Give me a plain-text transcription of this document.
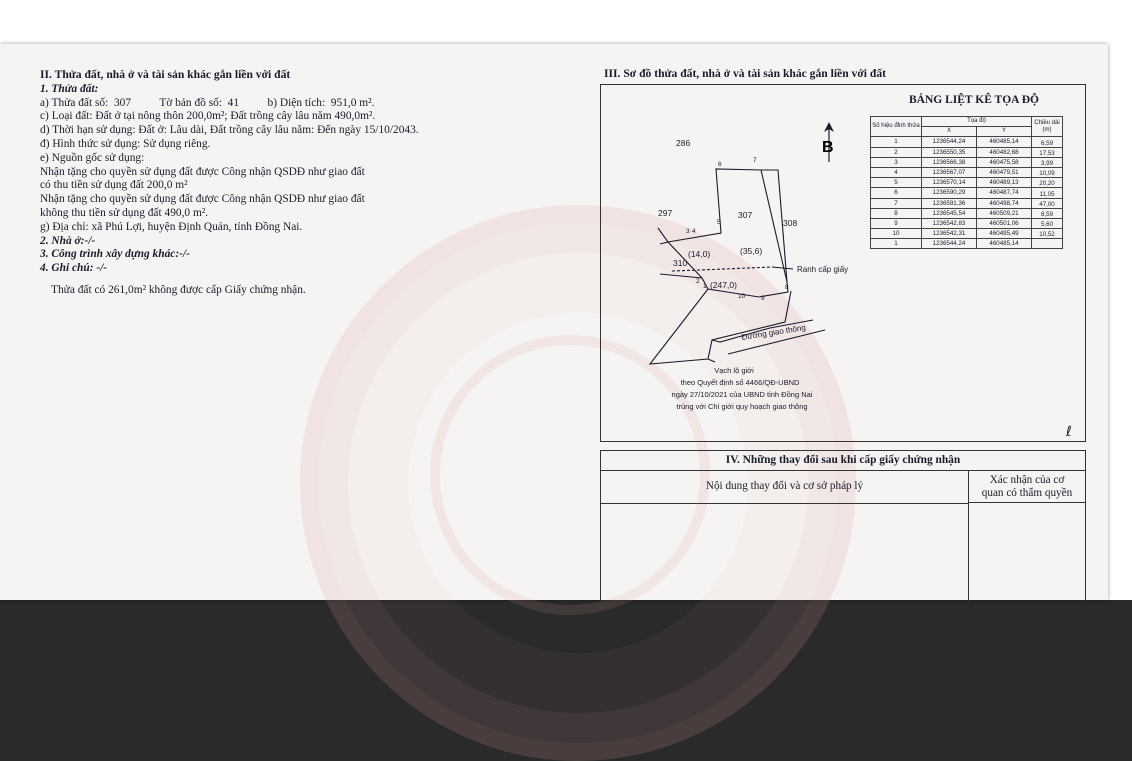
II. Thửa đất, nhà ở và tài sản khác gắn liền với đất
1. Thửa đất:
a) Thửa đất số:  307          Tờ bản đồ số:  41          b) Diện tích:  951,0 m².
c) Loại đất: Đất ở tại nông thôn 200,0m²; Đất trồng cây lâu năm 490,0m².
d) Thời hạn sử dụng: Đất ở: Lâu dài, Đất trồng cây lâu năm: Đến ngày 15/10/2043.
đ) Hình thức sử dụng: Sử dụng riêng.
e) Nguồn gốc sử dụng:
Nhận tặng cho quyền sử dụng đất được Công nhận QSDĐ như giao đất
có thu tiền sử dụng đất 200,0 m²
Nhận tặng cho quyền sử dụng đất được Công nhận QSDĐ như giao đất
không thu tiền sử dụng đất 490,0 m².
g) Địa chỉ: xã Phú Lợi, huyện Định Quán, tỉnh Đồng Nai.
2. Nhà ở:-/-
3. Công trình xây dựng khác:-/-
4. Ghi chú: -/-
Thửa đất có 261,0m² không được cấp Giấy chứng nhận.
III. Sơ đồ thửa đất, nhà ở và tài sản khác gắn liền với đất
B
286
297	307
308
310
(14,0)	(35,6)
(247,0)
1
2
3 4
5
6
7
8
9
10
Ranh cấp giấy
Đường giao thông
Vạch lộ giới
theo Quyết định số 4466/QĐ-UBND
ngày 27/10/2021 của UBND tỉnh Đồng Nai
trùng với Chỉ giới quy hoạch giao thông
BẢNG LIỆT KÊ TỌA ĐỘ
Số hiệu đỉnh thửa	Tọa độ		Chiều dài (m)
	X	Y	
1	1236544,24	460485,14	6,59
2	1236550,35	460482,68	17,53
3	1236566,38	460475,58	3,99
4	1236567,07	460479,51	10,09
5	1236570,14	460489,13	20,20
6	1236590,29	460487,74	11,05
7	1236591,36	460498,74	47,00
8	1236545,54	460509,21	8,59
9	1236542,83	460501,06	5,60
10	1236542,31	460495,49	10,52
1	1236544,24	460485,14	
IV. Những thay đổi sau khi cấp giấy chứng nhận
Nội dung thay đổi và cơ sở pháp lý	Xác nhận của cơ
quan có thẩm quyền
ℓ
